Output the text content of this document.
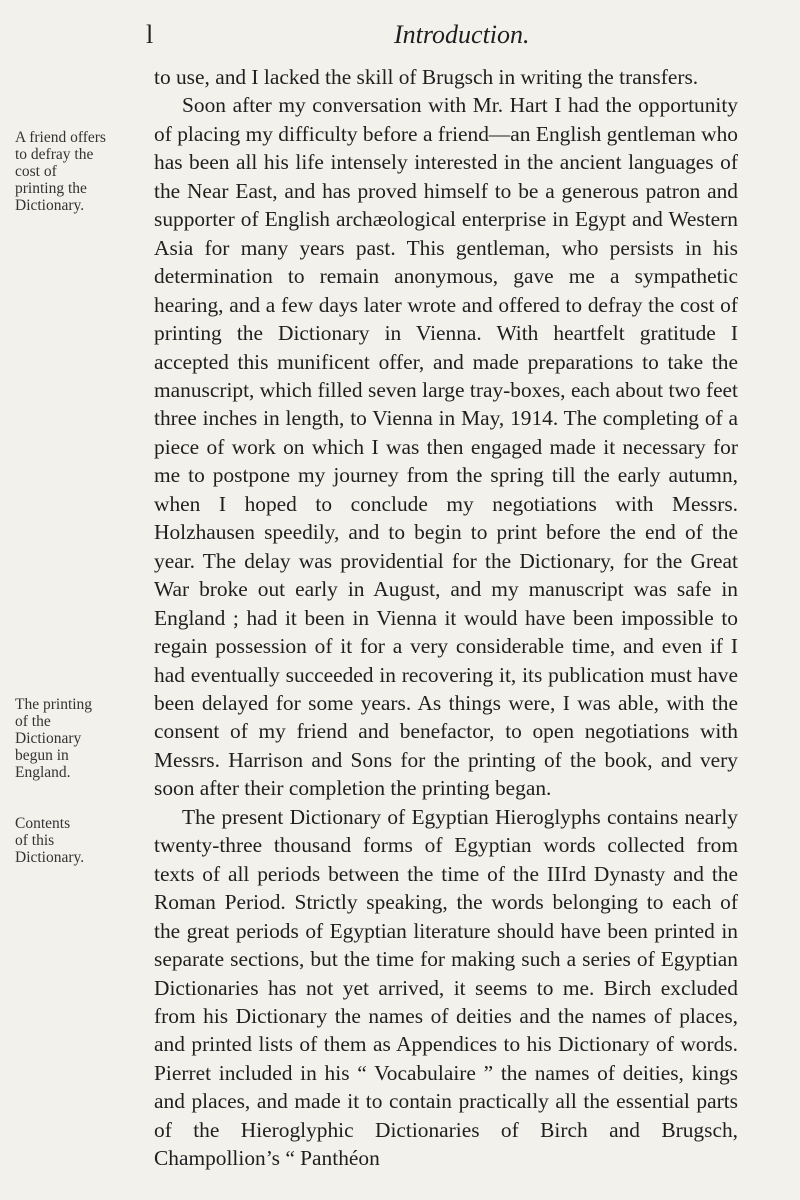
l	Introduction.
A friend offers
to defray the
cost of
printing the
Dictionary.
The printing
of the
Dictionary
begun in
England.
Contents
of this
Dictionary.

to use, and I lacked the skill of Brugsch in writing the transfers.

Soon after my conversation with Mr. Hart I had the opportunity of placing my difficulty before a friend—an English gentleman who has been all his life intensely interested in the ancient languages of the Near East, and has proved himself to be a generous patron and supporter of English archæological enterprise in Egypt and Western Asia for many years past. This gentleman, who persists in his determination to remain anonymous, gave me a sympathetic hearing, and a few days later wrote and offered to defray the cost of printing the Dictionary in Vienna. With heartfelt gratitude I accepted this munificent offer, and made preparations to take the manuscript, which filled seven large tray-boxes, each about two feet three inches in length, to Vienna in May, 1914. The completing of a piece of work on which I was then engaged made it necessary for me to postpone my journey from the spring till the early autumn, when I hoped to conclude my negotiations with Messrs. Holzhausen speedily, and to begin to print before the end of the year. The delay was providential for the Dictionary, for the Great War broke out early in August, and my manuscript was safe in England ; had it been in Vienna it would have been impossible to regain possession of it for a very considerable time, and even if I had eventually succeeded in recovering it, its publication must have been delayed for some years. As things were, I was able, with the consent of my friend and benefactor, to open negotiations with Messrs. Harrison and Sons for the printing of the book, and very soon after their completion the printing began.

The present Dictionary of Egyptian Hieroglyphs contains nearly twenty-three thousand forms of Egyptian words collected from texts of all periods between the time of the IIIrd Dynasty and the Roman Period. Strictly speaking, the words belonging to each of the great periods of Egyptian literature should have been printed in separate sections, but the time for making such a series of Egyptian Dictionaries has not yet arrived, it seems to me. Birch excluded from his Dictionary the names of deities and the names of places, and printed lists of them as Appendices to his Dictionary of words. Pierret included in his “ Vocabulaire ” the names of deities, kings and places, and made it to contain practically all the essential parts of the Hieroglyphic Dictionaries of Birch and Brugsch, Champollion’s “ Panthéon
